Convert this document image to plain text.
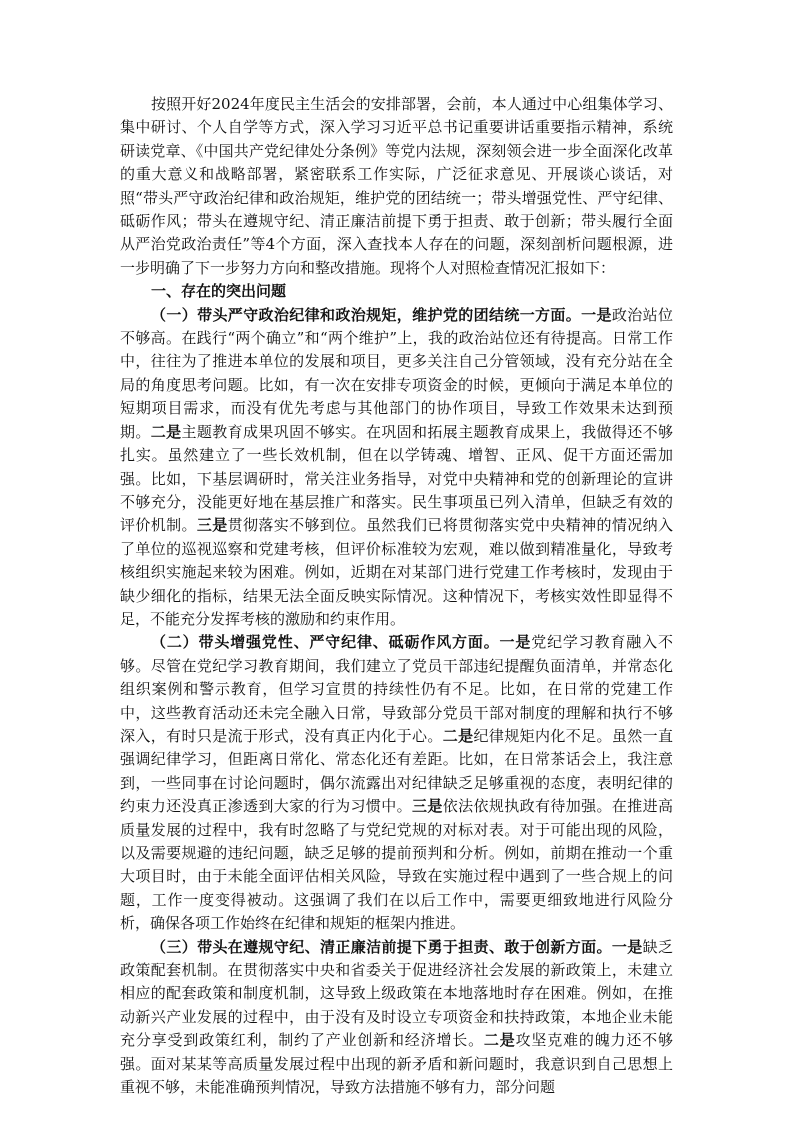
按照开好2024年度民主生活会的安排部署，会前，本人通过中心组集体学习、集中研讨、个人自学等方式，深入学习习近平总书记重要讲话重要指示精神，系统研读党章、《中国共产党纪律处分条例》等党内法规，深刻领会进一步全面深化改革的重大意义和战略部署，紧密联系工作实际，广泛征求意见、开展谈心谈话，对照“带头严守政治纪律和政治规矩，维护党的团结统一；带头增强党性、严守纪律、砥砺作风；带头在遵规守纪、清正廉洁前提下勇于担责、敢于创新；带头履行全面从严治党政治责任”等4个方面，深入查找本人存在的问题，深刻剖析问题根源，进一步明确了下一步努力方向和整改措施。现将个人对照检查情况汇报如下：

一、存在的突出问题

（一）带头严守政治纪律和政治规矩，维护党的团结统一方面。一是政治站位不够高。在践行“两个确立”和“两个维护”上，我的政治站位还有待提高。日常工作中，往往为了推进本单位的发展和项目，更多关注自己分管领域，没有充分站在全局的角度思考问题。比如，有一次在安排专项资金的时候，更倾向于满足本单位的短期项目需求，而没有优先考虑与其他部门的协作项目，导致工作效果未达到预期。二是主题教育成果巩固不够实。在巩固和拓展主题教育成果上，我做得还不够扎实。虽然建立了一些长效机制，但在以学铸魂、增智、正风、促干方面还需加强。比如，下基层调研时，常关注业务指导，对党中央精神和党的创新理论的宣讲不够充分，没能更好地在基层推广和落实。民生事项虽已列入清单，但缺乏有效的评价机制。三是贯彻落实不够到位。虽然我们已将贯彻落实党中央精神的情况纳入了单位的巡视巡察和党建考核，但评价标准较为宏观，难以做到精准量化，导致考核组织实施起来较为困难。例如，近期在对某部门进行党建工作考核时，发现由于缺少细化的指标，结果无法全面反映实际情况。这种情况下，考核实效性即显得不足，不能充分发挥考核的激励和约束作用。

（二）带头增强党性、严守纪律、砥砺作风方面。一是党纪学习教育融入不够。尽管在党纪学习教育期间，我们建立了党员干部违纪提醒负面清单，并常态化组织案例和警示教育，但学习宣贯的持续性仍有不足。比如，在日常的党建工作中，这些教育活动还未完全融入日常，导致部分党员干部对制度的理解和执行不够深入，有时只是流于形式，没有真正内化于心。二是纪律规矩内化不足。虽然一直强调纪律学习，但距离日常化、常态化还有差距。比如，在日常茶话会上，我注意到，一些同事在讨论问题时，偶尔流露出对纪律缺乏足够重视的态度，表明纪律的约束力还没真正渗透到大家的行为习惯中。三是依法依规执政有待加强。在推进高质量发展的过程中，我有时忽略了与党纪党规的对标对表。对于可能出现的风险，以及需要规避的违纪问题，缺乏足够的提前预判和分析。例如，前期在推动一个重大项目时，由于未能全面评估相关风险，导致在实施过程中遇到了一些合规上的问题，工作一度变得被动。这强调了我们在以后工作中，需要更细致地进行风险分析，确保各项工作始终在纪律和规矩的框架内推进。

（三）带头在遵规守纪、清正廉洁前提下勇于担责、敢于创新方面。一是缺乏政策配套机制。在贯彻落实中央和省委关于促进经济社会发展的新政策上，未建立相应的配套政策和制度机制，这导致上级政策在本地落地时存在困难。例如，在推动新兴产业发展的过程中，由于没有及时设立专项资金和扶持政策，本地企业未能充分享受到政策红利，制约了产业创新和经济增长。二是攻坚克难的魄力还不够强。面对某某等高质量发展过程中出现的新矛盾和新问题时，我意识到自己思想上重视不够，未能准确预判情况，导致方法措施不够有力，部分问题
